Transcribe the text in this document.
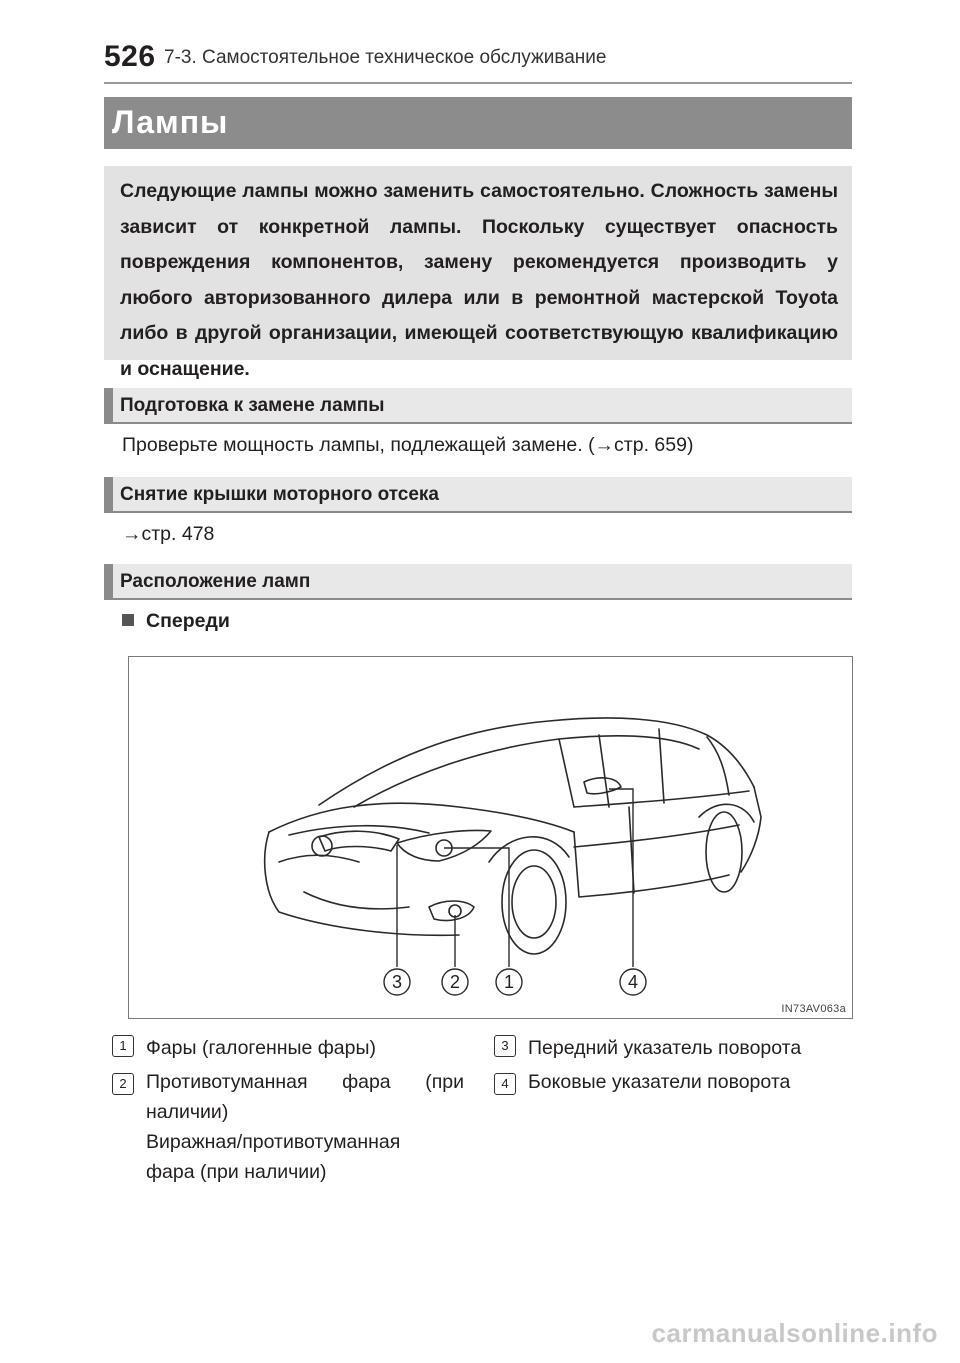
526 7-3. Самостоятельное техническое обслуживание
Лампы

Следующие лампы можно заменить самостоятельно. Сложность замены зависит от конкретной лампы. Поскольку существует опасность повреждения компонентов, замену рекомендуется производить у любого авторизованного дилера или в ремонтной мастерской Toyota либо в другой организации, имеющей соответствующую квалификацию и оснащение.

Подготовка к замене лампы
Проверьте мощность лампы, подлежащей замене. (→стр. 659)
Снятие крышки моторного отсека
→стр. 478
Расположение ламп
Спереди
3	2 1	4
IN73AV063a
1 Фары (галогенные фары)
2 Противотуманная фара (при
наличии)
Виражная/противотуманная
фара (при наличии)
3 Передний указатель поворота
4 Боковые указатели поворота
carmanualsonline.info
